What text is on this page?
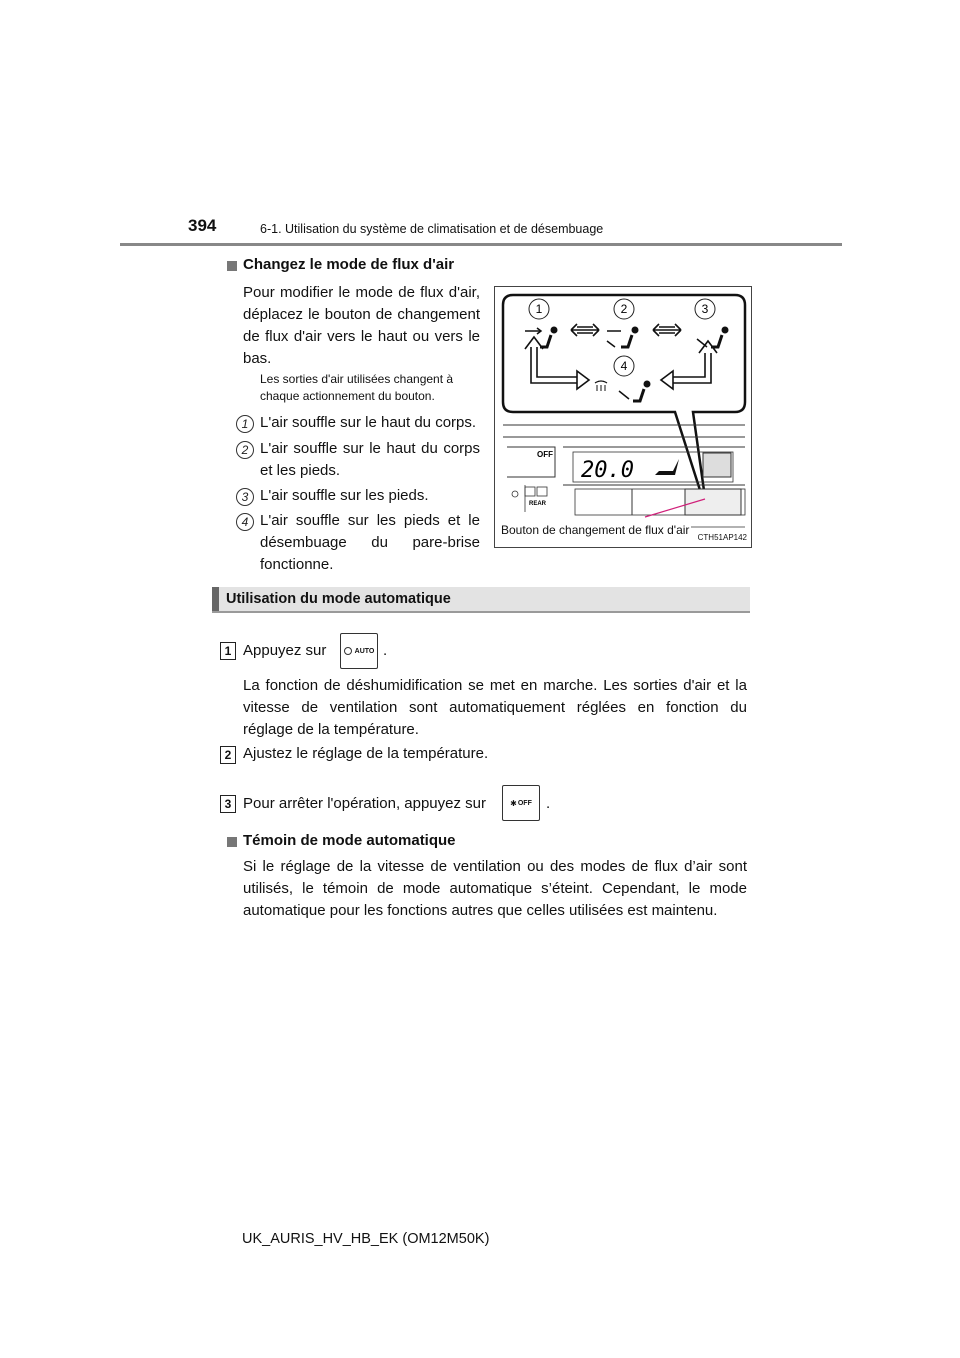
394	6-1. Utilisation du système de climatisation et de désembuage
Changez le mode de flux d'air
Pour modifier le mode de flux d'air,
déplacez le bouton de changement
de flux d'air vers le haut ou vers le
bas.
Les sorties d'air utilisées changent à
chaque actionnement du bouton.
1 L'air souffle sur le haut du corps.
2 L'air souffle sur le haut du corps
et les pieds.
3 L'air souffle sur les pieds.
4 L'air souffle sur les pieds et le
désembuage du pare-brise
fonctionne.
1	2	3
4
OFF
REAR
20.0
Bouton de changement de flux d'air
CTH51AP142
Utilisation du mode automatique
1 Appuyez sur	AUTO .
La fonction de déshumidification se met en marche. Les sorties d'air et la
vitesse de ventilation sont automatiquement réglées en fonction du
réglage de la température.
2 Ajustez le réglage de la température.
3 Pour arrêter l'opération, appuyez sur	✱ OFF .
Témoin de mode automatique
Si le réglage de la vitesse de ventilation ou des modes de flux d’air sont
utilisés, le témoin de mode automatique s’éteint. Cependant, le mode
automatique pour les fonctions autres que celles utilisées est maintenu.
UK_AURIS_HV_HB_EK (OM12M50K)
